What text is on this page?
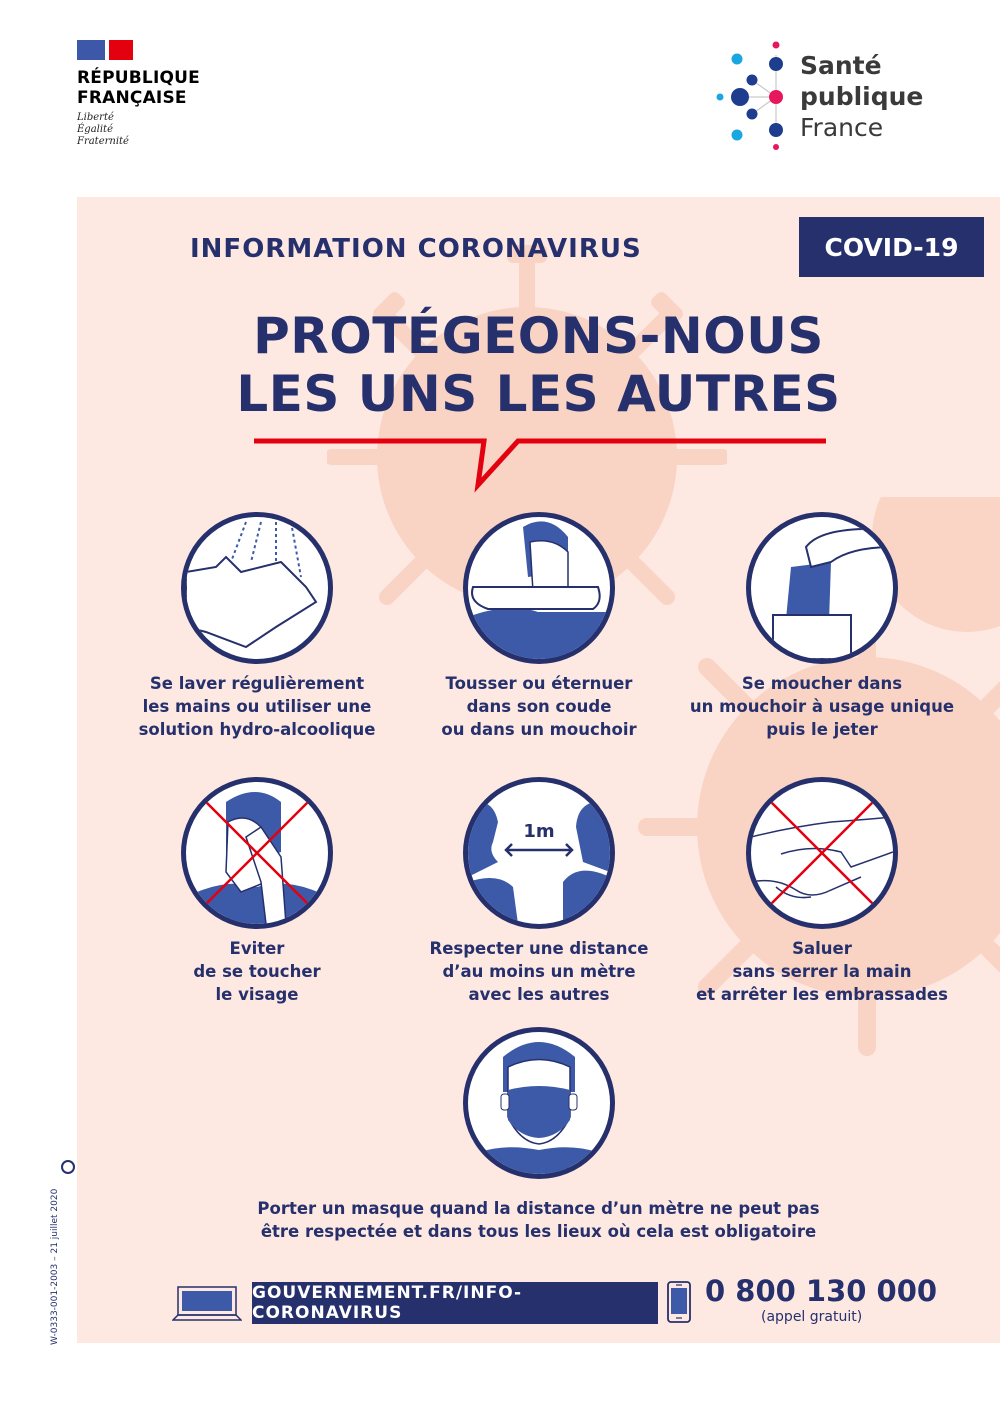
RÉPUBLIQUE
FRANÇAISE
Liberté
Égalité
Fraternité
Santé
publique
France
INFORMATION CORONAVIRUS	COVID-19
PROTÉGEONS-NOUS
LES UNS LES AUTRES
Se laver régulièrement
les mains ou utiliser une
solution hydro-alcoolique
Tousser ou éternuer
dans son coude
ou dans un mouchoir
Se moucher dans
un mouchoir à usage unique
puis le jeter
Eviter
de se toucher
le visage
1m
Respecter une distance
d’au moins un mètre
avec les autres
Saluer
sans serrer la main
et arrêter les embrassades
Porter un masque quand la distance d’un mètre ne peut pas
être respectée et dans tous les lieux où cela est obligatoire
GOUVERNEMENT.FR/INFO-CORONAVIRUS
0 800 130 000
(appel gratuit)
W-0333-001-2003 – 21 juillet 2020
